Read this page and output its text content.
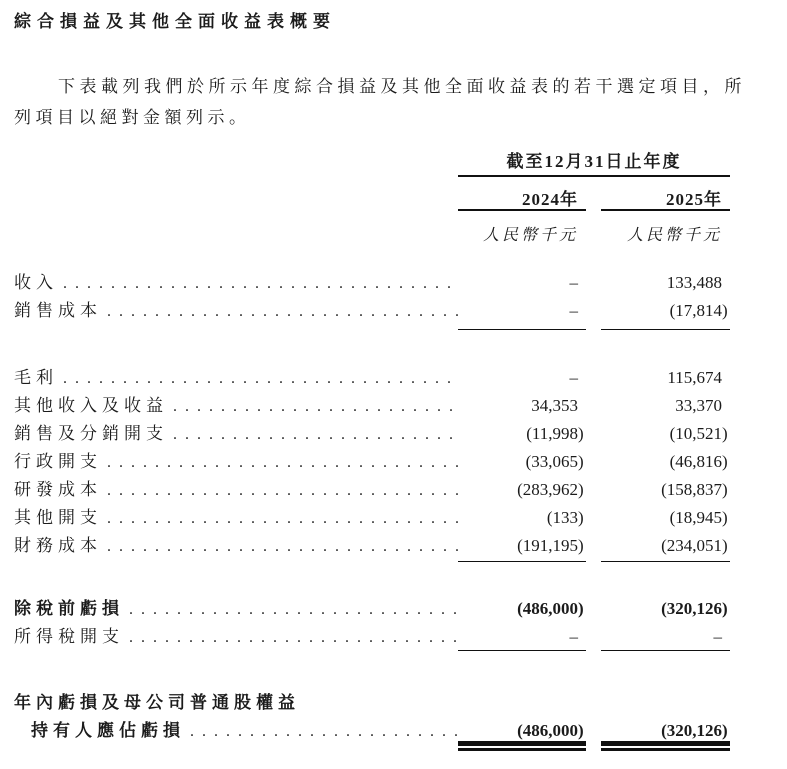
綜合損益及其他全面收益表概要
下表載列我們於所示年度綜合損益及其他全面收益表的若干選定項目，所
列項目以絕對金額列示。
截至12月31日止年度
2024年	2025年
人民幣千元	人民幣千元
收入 . . .	–	133,488
銷售成本 . . .	–	(17,814)
毛利 . . .	–	115,674
其他收入及收益 . . .	34,353	33,370
銷售及分銷開支 . . .	(11,998)	(10,521)
行政開支 . . .	(33,065)	(46,816)
研發成本 . . .	(283,962)	(158,837)
其他開支 . . .	(133)	(18,945)
財務成本 . . .	(191,195)	(234,051)
除稅前虧損 . . .	(486,000)	(320,126)
所得稅開支 . . .	–	–
年內虧損及母公司普通股權益
持有人應佔虧損 . . .	(486,000)	(320,126)
